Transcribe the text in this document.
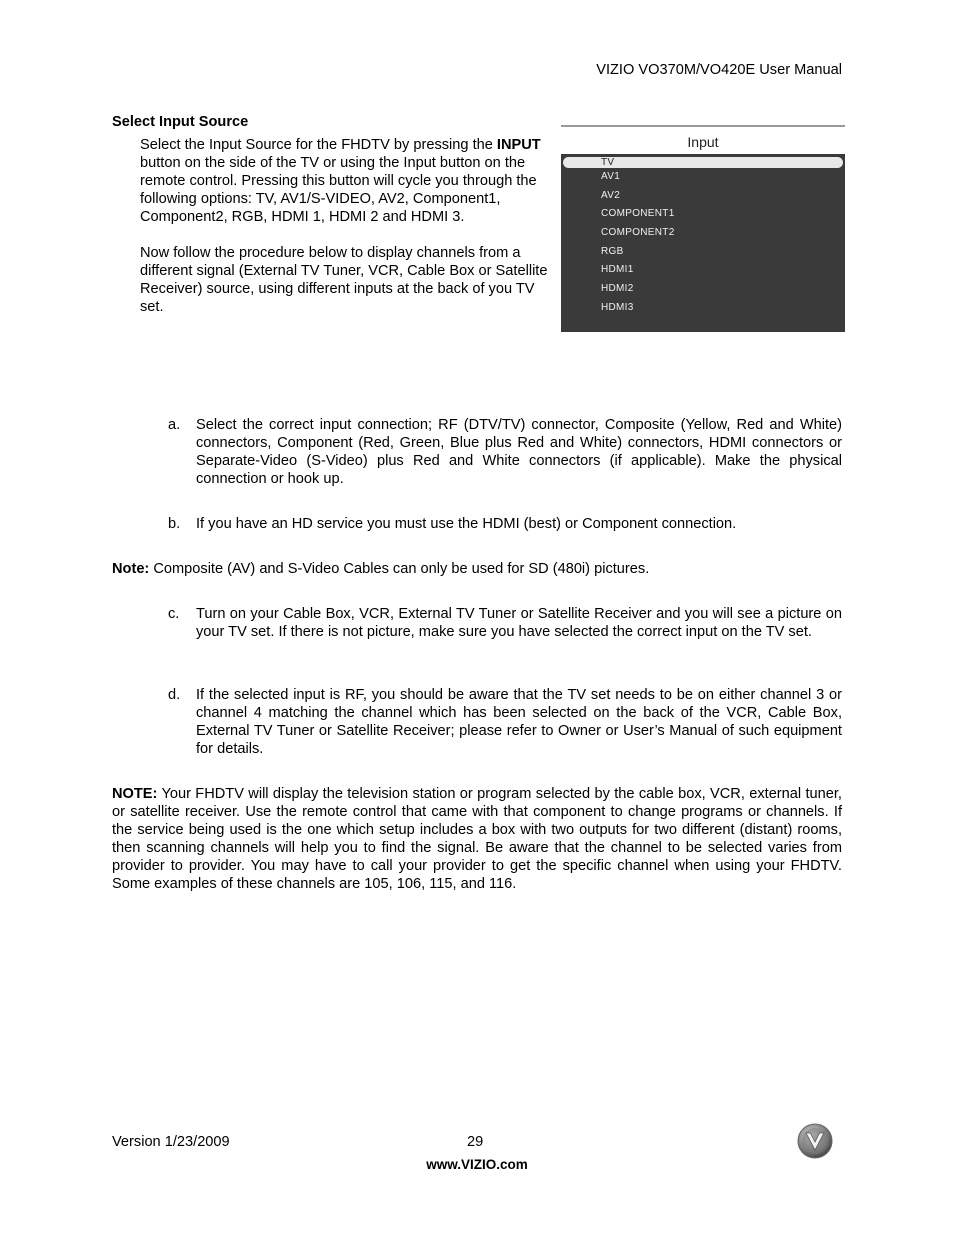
VIZIO VO370M/VO420E User Manual
Select Input Source

Select the Input Source for the FHDTV by pressing the INPUT button on the side of the TV or using the Input button on the remote control. Pressing this button will cycle you through the following options: TV, AV1/S-VIDEO, AV2, Component1, Component2, RGB, HDMI 1, HDMI 2 and HDMI 3.

Now follow the procedure below to display channels from a different signal (External TV Tuner, VCR, Cable Box or Satellite Receiver) source, using different inputs at the back of you TV set.

Input
TV
AV1
AV2
COMPONENT1
COMPONENT2
RGB
HDMI1
HDMI2
HDMI3
a. Select the correct input connection; RF (DTV/TV) connector, Composite (Yellow, Red and White) connectors, Component (Red, Green, Blue plus Red and White) connectors, HDMI connectors or Separate-Video (S-Video) plus Red and White connectors (if applicable). Make the physical connection or hook up.
b. If you have an HD service you must use the HDMI (best) or Component connection.
Note: Composite (AV) and S-Video Cables can only be used for SD (480i) pictures.
c. Turn on your Cable Box, VCR, External TV Tuner or Satellite Receiver and you will see a picture on your TV set. If there is not picture, make sure you have selected the correct input on the TV set.
d. If the selected input is RF, you should be aware that the TV set needs to be on either channel 3 or channel 4 matching the channel which has been selected on the back of the VCR, Cable Box, External TV Tuner or Satellite Receiver; please refer to Owner or User’s Manual of such equipment for details.
NOTE: Your FHDTV will display the television station or program selected by the cable box, VCR, external tuner, or satellite receiver. Use the remote control that came with that component to change programs or channels. If the service being used is the one which setup includes a box with two outputs for two different (distant) rooms, then scanning channels will help you to find the signal. Be aware that the channel to be selected varies from provider to provider. You may have to call your provider to get the specific channel when using your FHDTV. Some examples of these channels are 105, 106, 115, and 116.
Version 1/23/2009	29
www.VIZIO.com
